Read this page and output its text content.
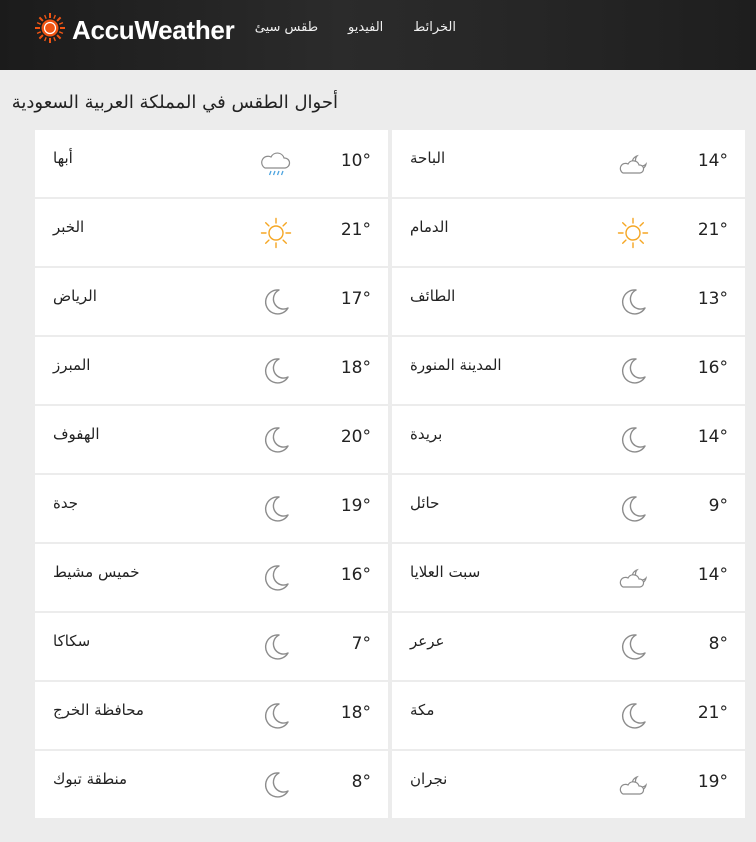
AccuWeather طقس سيئ الفيديو الخرائط
أحوال الطقس في المملكة العربية السعودية
أبها	10°	الباحة	14°
الخبر	21°	الدمام	21°
الرياض	17°	الطائف	13°
المبرز	18°	المدينة المنورة	16°
الهفوف	20°	بريدة	14°
جدة	19°	حائل	9°
خميس مشيط	16°	سبت العلايا	14°
سكاكا	7°	عرعر	8°
محافظة الخرج	18°	مكة	21°
منطقة تبوك	8°	نجران	19°
